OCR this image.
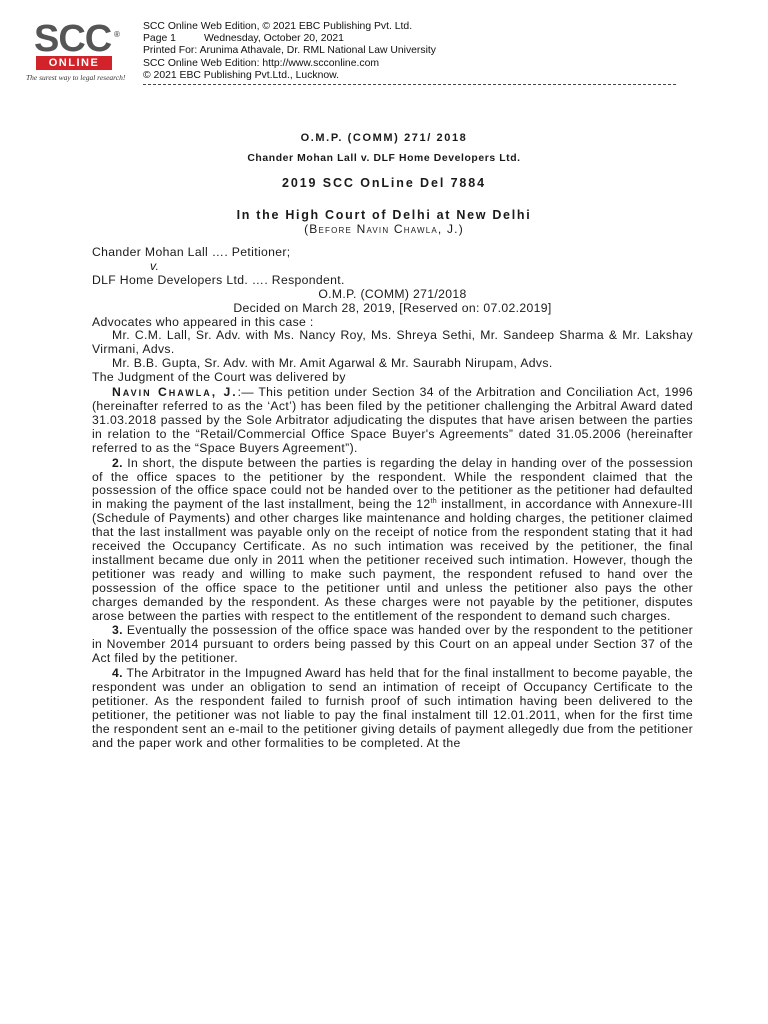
SCC ®
ONLINE
The surest way to legal research!
SCC Online Web Edition, © 2021 EBC Publishing Pvt. Ltd.
Page 1	Wednesday, October 20, 2021
Printed For: Arunima Athavale, Dr. RML National Law University
SCC Online Web Edition: http://www.scconline.com
© 2021 EBC Publishing Pvt.Ltd., Lucknow.
O.M.P. (COMM) 271/ 2018
Chander Mohan Lall v. DLF Home Developers Ltd.
2019 SCC OnLine Del 7884
In the High Court of Delhi at New Delhi
(Before Navin Chawla, J.)

Chander Mohan Lall …. Petitioner;

v.

DLF Home Developers Ltd. …. Respondent.

O.M.P. (COMM) 271/2018

Decided on March 28, 2019, [Reserved on: 07.02.2019]

Advocates who appeared in this case :

Mr. C.M. Lall, Sr. Adv. with Ms. Nancy Roy, Ms. Shreya Sethi, Mr. Sandeep Sharma & Mr. Lakshay Virmani, Advs.

Mr. B.B. Gupta, Sr. Adv. with Mr. Amit Agarwal & Mr. Saurabh Nirupam, Advs.

The Judgment of the Court was delivered by

Navin Chawla, J.:— This petition under Section 34 of the Arbitration and Conciliation Act, 1996 (hereinafter referred to as the ‘Act’) has been filed by the petitioner challenging the Arbitral Award dated 31.03.2018 passed by the Sole Arbitrator adjudicating the disputes that have arisen between the parties in relation to the “Retail/Commercial Office Space Buyer's Agreements” dated 31.05.2006 (hereinafter referred to as the “Space Buyers Agreement”).

2. In short, the dispute between the parties is regarding the delay in handing over of the possession of the office spaces to the petitioner by the respondent. While the respondent claimed that the possession of the office space could not be handed over to the petitioner as the petitioner had defaulted in making the payment of the last installment, being the 12th installment, in accordance with Annexure-III (Schedule of Payments) and other charges like maintenance and holding charges, the petitioner claimed that the last installment was payable only on the receipt of notice from the respondent stating that it had received the Occupancy Certificate. As no such intimation was received by the petitioner, the final installment became due only in 2011 when the petitioner received such intimation. However, though the petitioner was ready and willing to make such payment, the respondent refused to hand over the possession of the office space to the petitioner until and unless the petitioner also pays the other charges demanded by the respondent. As these charges were not payable by the petitioner, disputes arose between the parties with respect to the entitlement of the respondent to demand such charges.

3. Eventually the possession of the office space was handed over by the respondent to the petitioner in November 2014 pursuant to orders being passed by this Court on an appeal under Section 37 of the Act filed by the petitioner.

4. The Arbitrator in the Impugned Award has held that for the final installment to become payable, the respondent was under an obligation to send an intimation of receipt of Occupancy Certificate to the petitioner. As the respondent failed to furnish proof of such intimation having been delivered to the petitioner, the petitioner was not liable to pay the final instalment till 12.01.2011, when for the first time the respondent sent an e-mail to the petitioner giving details of payment allegedly due from the petitioner and the paper work and other formalities to be completed. At the
